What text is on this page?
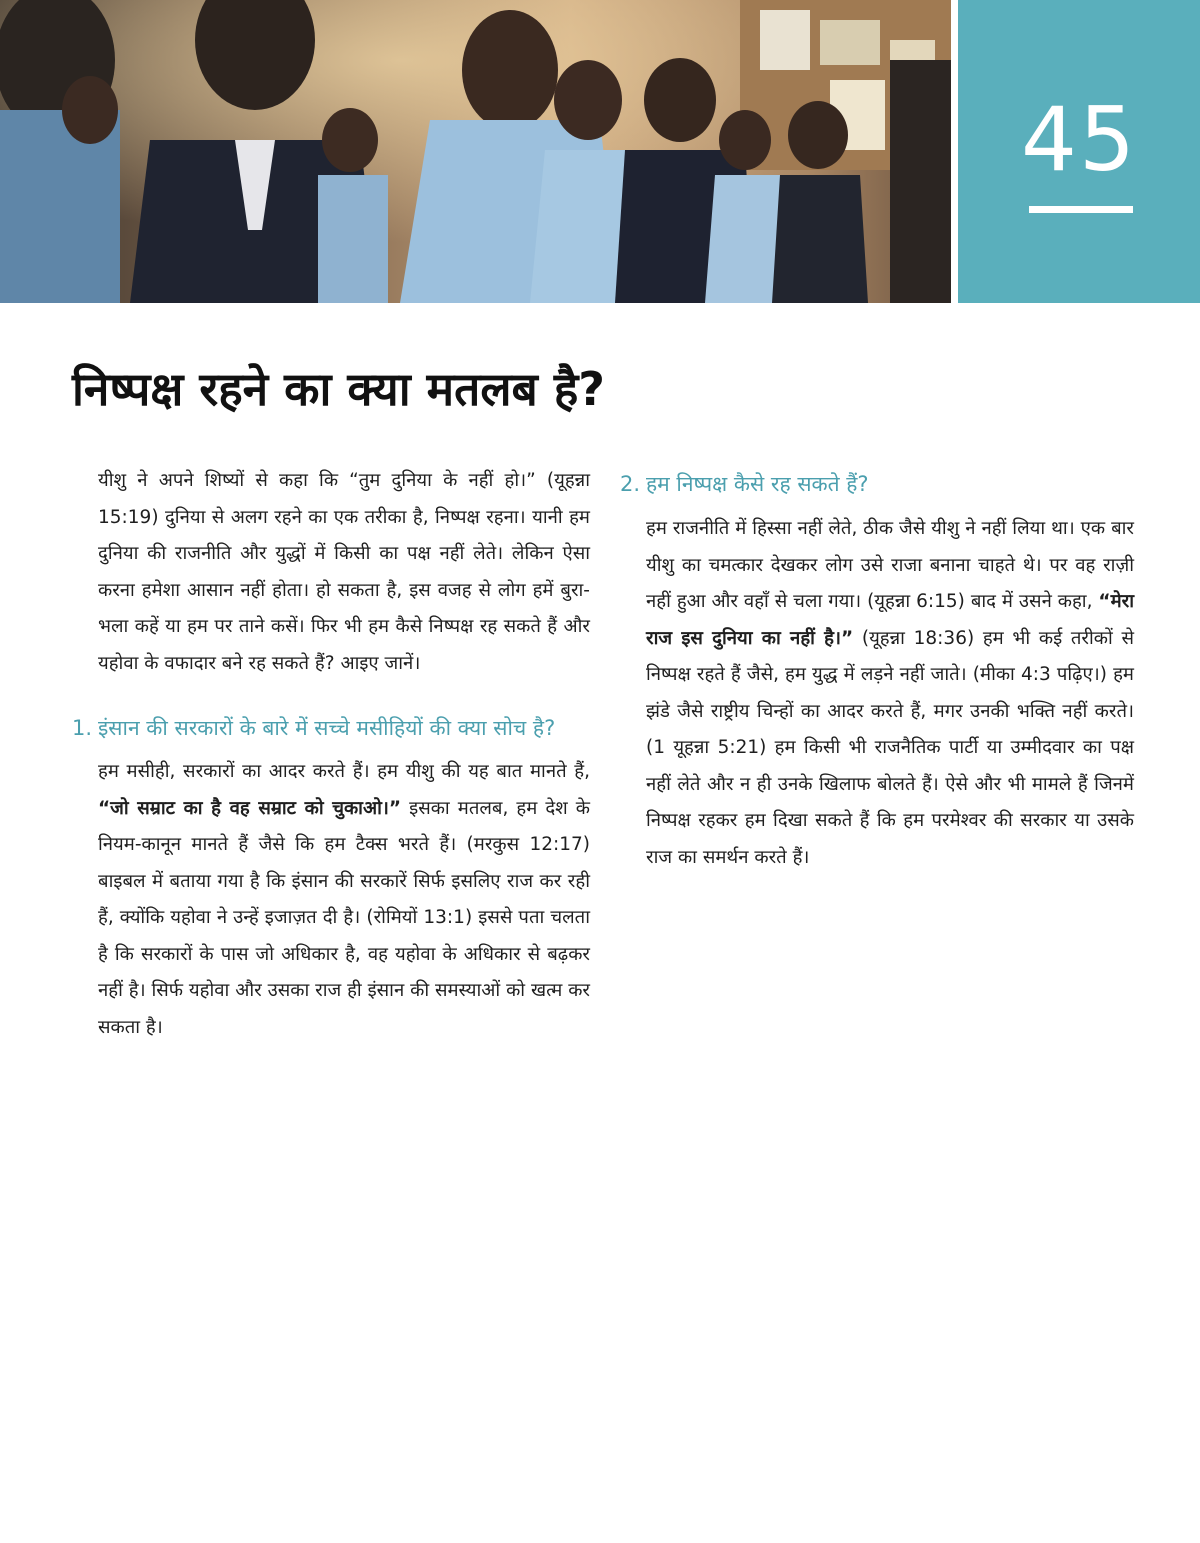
45
निष्पक्ष रहने का क्या मतलब है?

यीशु ने अपने शिष्यों से कहा कि “तुम दुनिया के नहीं हो।” (यूहन्ना 15:19) दुनिया से अलग रहने का एक तरीका है, निष्पक्ष रहना। यानी हम दुनिया की राजनीति और युद्धों में किसी का पक्ष नहीं लेते। लेकिन ऐसा करना हमेशा आसान नहीं होता। हो सकता है, इस वजह से लोग हमें बुरा-भला कहें या हम पर ताने कसें। फिर भी हम कैसे निष्पक्ष रह सकते हैं और यहोवा के वफादार बने रह सकते हैं? आइए जानें।

1. इंसान की सरकारों के बारे में सच्चे मसीहियों की क्या सोच है?

हम मसीही, सरकारों का आदर करते हैं। हम यीशु की यह बात मानते हैं, “जो सम्राट का है वह सम्राट को चुकाओ।” इसका मतलब, हम देश के नियम-कानून मानते हैं जैसे कि हम टैक्स भरते हैं। (मरकुस 12:17) बाइबल में बताया गया है कि इंसान की सरकारें सिर्फ इसलिए राज कर रही हैं, क्योंकि यहोवा ने उन्हें इजाज़त दी है। (रोमियों 13:1) इससे पता चलता है कि सरकारों के पास जो अधिकार है, वह यहोवा के अधिकार से बढ़कर नहीं है। सिर्फ यहोवा और उसका राज ही इंसान की समस्याओं को खत्म कर सकता है।

2. हम निष्पक्ष कैसे रह सकते हैं?

हम राजनीति में हिस्सा नहीं लेते, ठीक जैसे यीशु ने नहीं लिया था। एक बार यीशु का चमत्कार देखकर लोग उसे राजा बनाना चाहते थे। पर वह राज़ी नहीं हुआ और वहाँ से चला गया। (यूहन्ना 6:15) बाद में उसने कहा, “मेरा राज इस दुनिया का नहीं है।” (यूहन्ना 18:36) हम भी कई तरीकों से निष्पक्ष रहते हैं जैसे, हम युद्ध में लड़ने नहीं जाते। (मीका 4:3 पढ़िए।) हम झंडे जैसे राष्ट्रीय चिन्हों का आदर करते हैं, मगर उनकी भक्ति नहीं करते। (1 यूहन्ना 5:21) हम किसी भी राजनैतिक पार्टी या उम्मीदवार का पक्ष नहीं लेते और न ही उनके खिलाफ बोलते हैं। ऐसे और भी मामले हैं जिनमें निष्पक्ष रहकर हम दिखा सकते हैं कि हम परमेश्‍वर की सरकार या उसके राज का समर्थन करते हैं।
